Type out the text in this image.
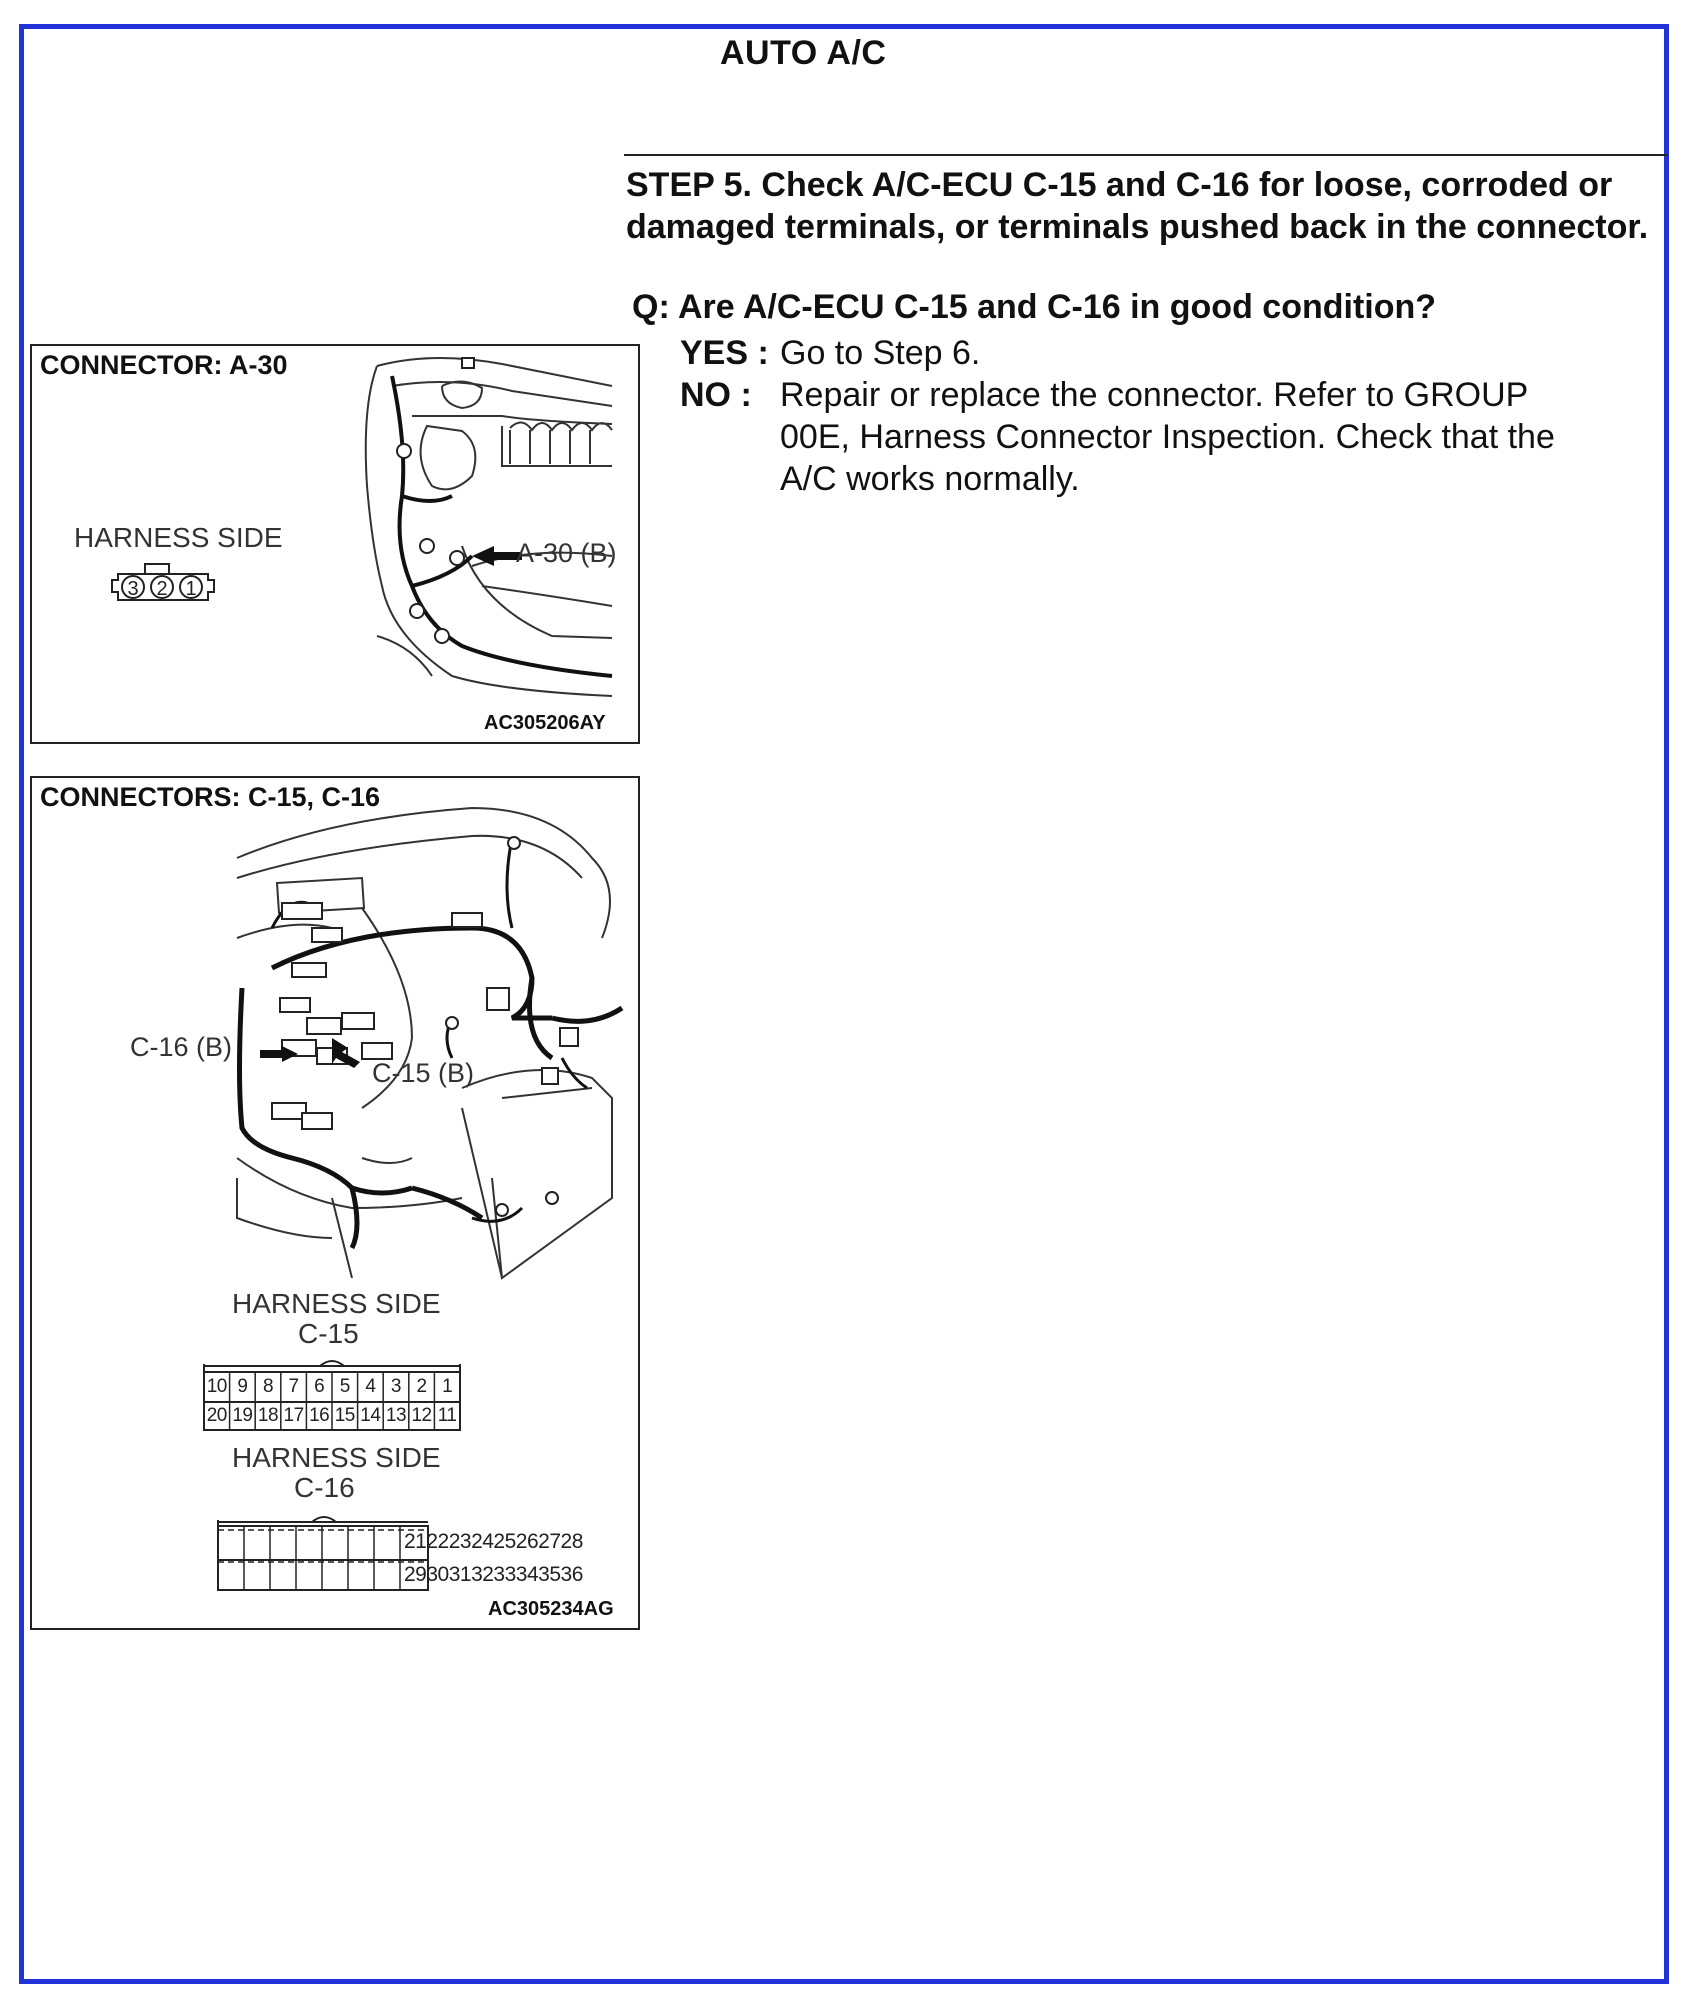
AUTO A/C
STEP 5. Check A/C-ECU C-15 and C-16 for loose, corroded or damaged terminals, or terminals pushed back in the connector.
Q: Are A/C-ECU C-15 and C-16 in good condition?
YES : Go to Step 6.
NO : Repair or replace the connector. Refer to GROUP 00E, Harness Connector Inspection. Check that the A/C works normally.
CONNECTOR: A-30
HARNESS SIDE
3 2 1
A-30 (B)
AC305206AY
CONNECTORS: C-15, C-16
C-16 (B)
C-15 (B)
HARNESS SIDE
C-15
10 9 8 7 6 5 4 3 2 1
20 19 18 17 16 15 14 13 12 11
HARNESS SIDE
C-16
2122232425262728
2930313233343536
AC305234AG
